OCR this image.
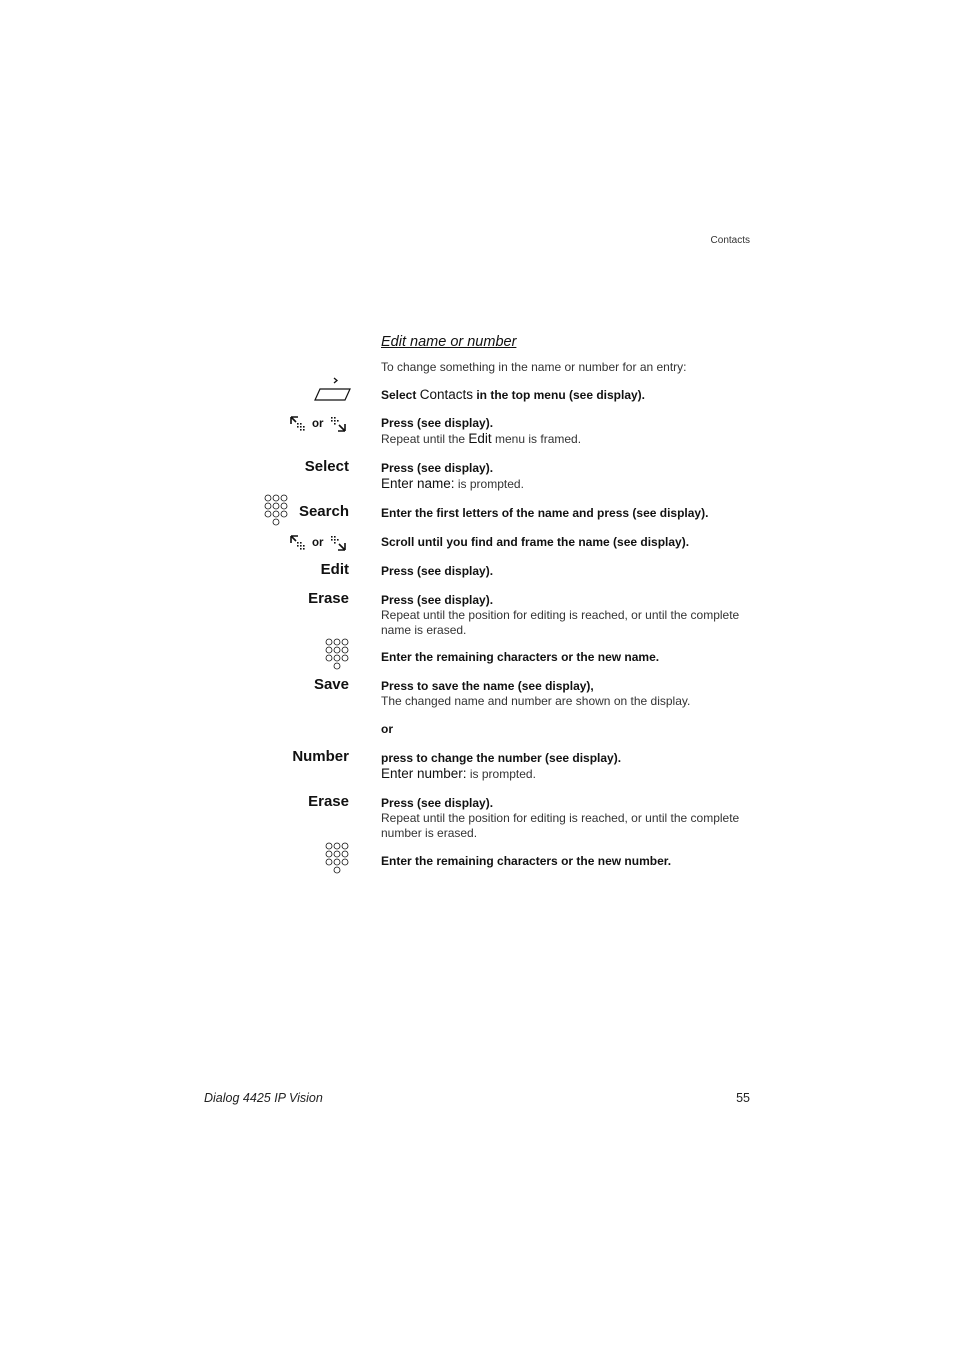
Contacts
Edit name or number
To change something in the name or number for an entry:
Select Contacts in the top menu (see display).
or	Press (see display).
Repeat until the Edit menu is framed.
Select	Press (see display).
Enter name: is prompted.
Search	Enter the first letters of the name and press (see display).
or	Scroll until you find and frame the name (see display).
Edit	Press (see display).
Erase	Press (see display).
Repeat until the position for editing is reached, or until the complete name is erased.
Enter the remaining characters or the new name.
Save	Press to save the name (see display),
The changed name and number are shown on the display.
or
Number	press to change the number (see display).
Enter number: is prompted.
Erase	Press (see display).
Repeat until the position for editing is reached, or until the complete number is erased.
Enter the remaining characters or the new number.
Dialog 4425 IP Vision	55
